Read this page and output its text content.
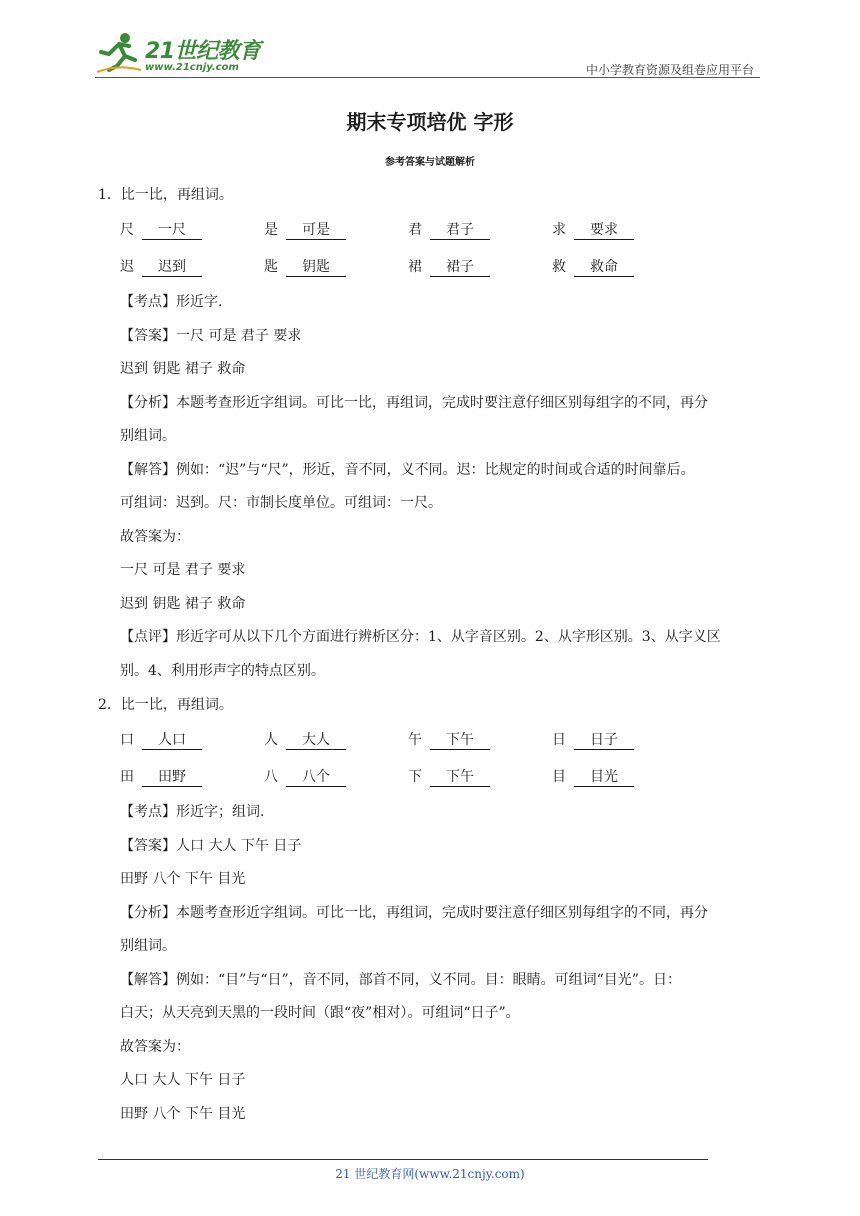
21世纪教育
www.21cnjy.com	中小学教育资源及组卷应用平台
期末专项培优 字形
参考答案与试题解析
1．比一比，再组词。
尺	一尺	是	可是	君	君子	求	要求
迟	迟到	匙	钥匙	裙	裙子	救	救命
【考点】形近字.
【答案】一尺 可是 君子 要求
迟到 钥匙 裙子 救命
【分析】本题考查形近字组词。可比一比，再组词，完成时要注意仔细区别每组字的不同，再分
别组词。
【解答】例如：“迟”与“尺”，形近，音不同，义不同。迟：比规定的时间或合适的时间靠后。
可组词：迟到。尺：市制长度单位。可组词：一尺。
故答案为：
一尺 可是 君子 要求
迟到 钥匙 裙子 救命
【点评】形近字可从以下几个方面进行辨析区分：1、从字音区别。2、从字形区别。3、从字义区
别。4、利用形声字的特点区别。
2．比一比，再组词。
口	人口	人	大人	午	下午	日	日子
田	田野	八	八个	下	下午	目	目光
【考点】形近字；组词.
【答案】人口 大人 下午 日子
田野 八个 下午 目光
【分析】本题考查形近字组词。可比一比，再组词，完成时要注意仔细区别每组字的不同，再分
别组词。
【解答】例如：“目”与“日”，音不同，部首不同，义不同。目：眼睛。可组词“目光”。日：
白天；从天亮到天黑的一段时间（跟“夜”相对）。可组词“日子”。
故答案为：
人口 大人 下午 日子
田野 八个 下午 目光
21 世纪教育网(www.21cnjy.com)
